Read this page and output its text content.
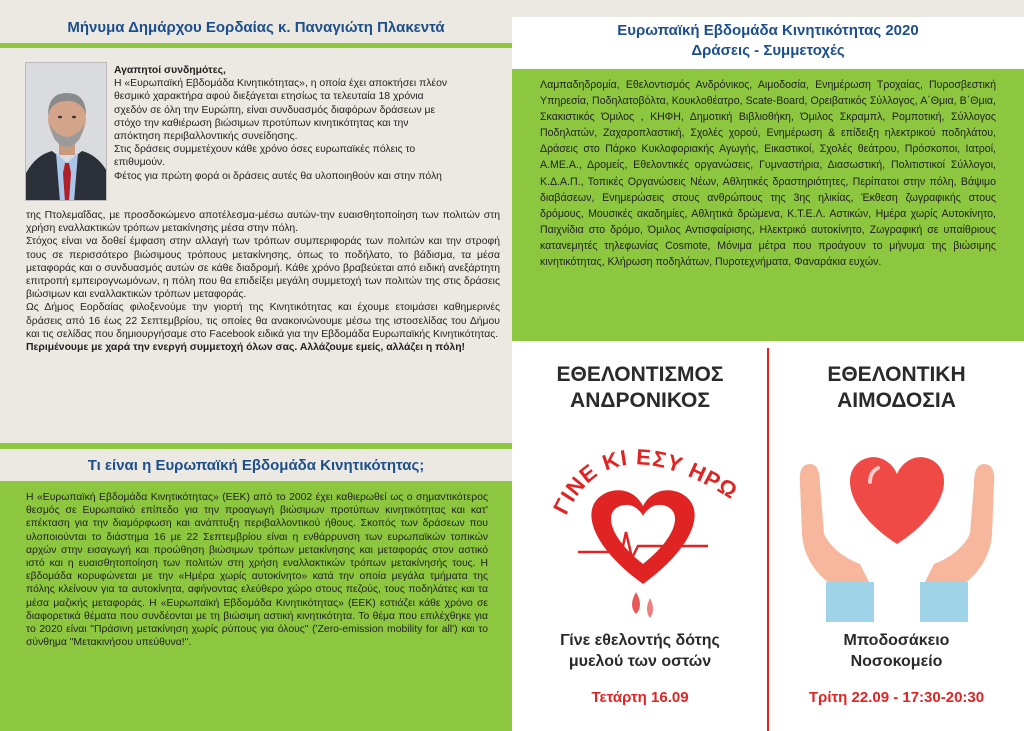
Μήνυμα Δημάρχου Εορδαίας κ. Παναγιώτη Πλακεντά

Αγαπητοί συνδημότες,

Η «Ευρωπαϊκή Εβδομάδα Κινητικότητας», η οποία έχει αποκτήσει πλέον

θεσμικό χαρακτήρα αφού διεξάγεται ετησίως τα τελευταία 18 χρόνια

σχεδόν σε όλη την Ευρώπη, είναι συνδυασμός διαφόρων δράσεων με

στόχο την καθιέρωση βιώσιμων προτύπων κινητικότητας και την

απόκτηση περιβαλλοντικής συνείδησης.

Στις δράσεις συμμετέχουν κάθε χρόνο όσες ευρωπαϊκές πόλεις το

επιθυμούν.

Φέτος για πρώτη φορά οι δράσεις αυτές θα υλοποιηθούν και στην πόλη

της Πτολεμαΐδας, με προσδοκώμενο αποτέλεσμα-μέσω αυτών-την ευαισθητοποίηση των πολιτών στη χρήση εναλλακτικών τρόπων μετακίνησης μέσα στην πόλη.

Στόχος είναι να δοθεί έμφαση στην αλλαγή των τρόπων συμπεριφοράς των πολιτών και την στροφή τους σε περισσότερο βιώσιμους τρόπους μετακίνησης, όπως το ποδήλατο, το βάδισμα, τα μέσα μεταφοράς και ο συνδυασμός αυτών σε κάθε διαδρομή. Κάθε χρόνο βραβεύεται από ειδική ανεξάρτητη επιτροπή εμπειρογνωμόνων, η πόλη που θα επιδείξει μεγάλη συμμετοχή των πολιτών της στις δράσεις βιώσιμων και εναλλακτικών τρόπων μεταφοράς.

Ως Δήμος Εορδαίας φιλοξενούμε την γιορτή της Κινητικότητας και έχουμε ετοιμάσει καθημερινές δράσεις από 16 έως 22 Σεπτεμβρίου, τις οποίες θα ανακοινώνουμε μέσω της ιστοσελίδας του Δήμου και τις σελίδας που δημιουργήσαμε στο Facebook ειδικά για την Εβδομάδα Ευρωπαϊκής Κινητικότητας.

Περιμένουμε με χαρά την ενεργή συμμετοχή όλων σας. Αλλάζουμε εμείς, αλλάζει η πόλη!

Τι είναι η Ευρωπαϊκή Εβδομάδα Κινητικότητας;
Η «Ευρωπαϊκή Εβδομάδα Κινητικότητας» (ΕΕΚ) από το 2002 έχει καθιερωθεί ως ο σημαντικότερος θεσμός σε Ευρωπαϊκό επίπεδο για την προαγωγή βιώσιμων προτύπων κινητικότητας και κατ' επέκταση για την διαμόρφωση και ανάπτυξη περιβαλλοντικού ήθους. Σκοπός των δράσεων που υλοποιούνται το διάστημα 16 με 22 Σεπτεμβρίου είναι η ενθάρρυνση των ευρωπαϊκών τοπικών αρχών στην εισαγωγή και προώθηση βιώσιμων τρόπων μετακίνησης και μεταφοράς στον αστικό ιστό και η ευαισθητοποίηση των πολιτών στη χρήση εναλλακτικών τρόπων μετακίνησής τους. Η εβδομάδα κορυφώνεται με την «Ημέρα χωρίς αυτοκίνητο» κατά την οποία μεγάλα τμήματα της πόλης κλείνουν για τα αυτοκίνητα, αφήνοντας ελεύθερο χώρο στους πεζούς, τους ποδηλάτες και τα μέσα μαζικής μεταφοράς. Η «Ευρωπαϊκή Εβδομάδα Κινητικότητας» (ΕΕΚ) εστιάζει κάθε χρόνο σε διαφορετικά θέματα που συνδέονται με τη βιώσιμη αστική κινητικότητα. Το θέμα που επιλέχθηκε για το 2020 είναι "Πράσινη μετακίνηση χωρίς ρύπους για όλους" ('Zero-emission mobility for all') και το σύνθημα "Μετακινήσου υπεύθυνα!".
Ευρωπαϊκή Εβδομάδα Κινητικότητας 2020
Δράσεις - Συμμετοχές
Λαμπαδηδρομία, Εθελοντισμός Ανδρόνικος, Αιμοδοσία, Ενημέρωση Τροχαίας, Πυροσβεστική Υπηρεσία, Ποδηλατοβόλτα, Κουκλοθέατρο, Scate-Board, Ορειβατικός Σύλλογος, Α΄Θμια, Β΄Θμια, Σκακιστικός Όμιλος , ΚΗΦΗ, Δημοτική Βιβλιοθήκη, Όμιλος Σκραμπλ, Ρομποτική, Σύλλογος Ποδηλατών, Ζαχαροπλαστική, Σχολές χορού, Ενημέρωση & επίδειξη ηλεκτρικού ποδηλάτου, Δράσεις στο Πάρκο Κυκλοφοριακής Αγωγής, Εικαστικοί, Σχολές θεάτρου, Πρόσκοποι, Ιατροί, Α.ΜΕ.Α., Δρομείς, Εθελοντικές οργανώσεις, Γυμναστήρια, Διασωστική, Πολιτιστικοί Σύλλογοι, Κ.Δ.Α.Π., Τοπικές Οργανώσεις Νέων, Αθλητικές δραστηριότητες, Περίπατοι στην πόλη, Βάψιμο διαβάσεων, Ενημερώσεις στους ανθρώπους της 3ης ηλικίας, Έκθεση ζωγραφικής στους δρόμους, Μουσικές ακαδημίες, Αθλητικά δρώμενα, Κ.Τ.Ε.Λ. Αστικών, Ημέρα χωρίς Αυτοκίνητο, Παιχνίδια στο δρόμο, Όμιλος Αντισφαίρισης, Ηλεκτρικό αυτοκίνητο, Ζωγραφική σε υπαίθριους κατανεμητές τηλεφωνίας Cosmote, Μόνιμα μέτρα που προάγουν το μήνυμα της βιώσιμης κινητικότητας, Κλήρωση ποδηλάτων, Πυροτεχνήματα, Φαναράκια ευχών.
ΕΘΕΛΟΝΤΙΣΜΟΣ
ΑΝΔΡΟΝΙΚΟΣ
ΓΙΝΕ ΚΙ ΕΣΥ ΗΡ
Γίνε εθελοντής δότης
μυελού των οστών
Τετάρτη 16.09
ΕΘΕΛΟΝΤΙΚΗ
ΑΙΜΟΔΟΣΙΑ
Μποδοσάκειο
Νοσοκομείο
Τρίτη 22.09 - 17:30-20:30
